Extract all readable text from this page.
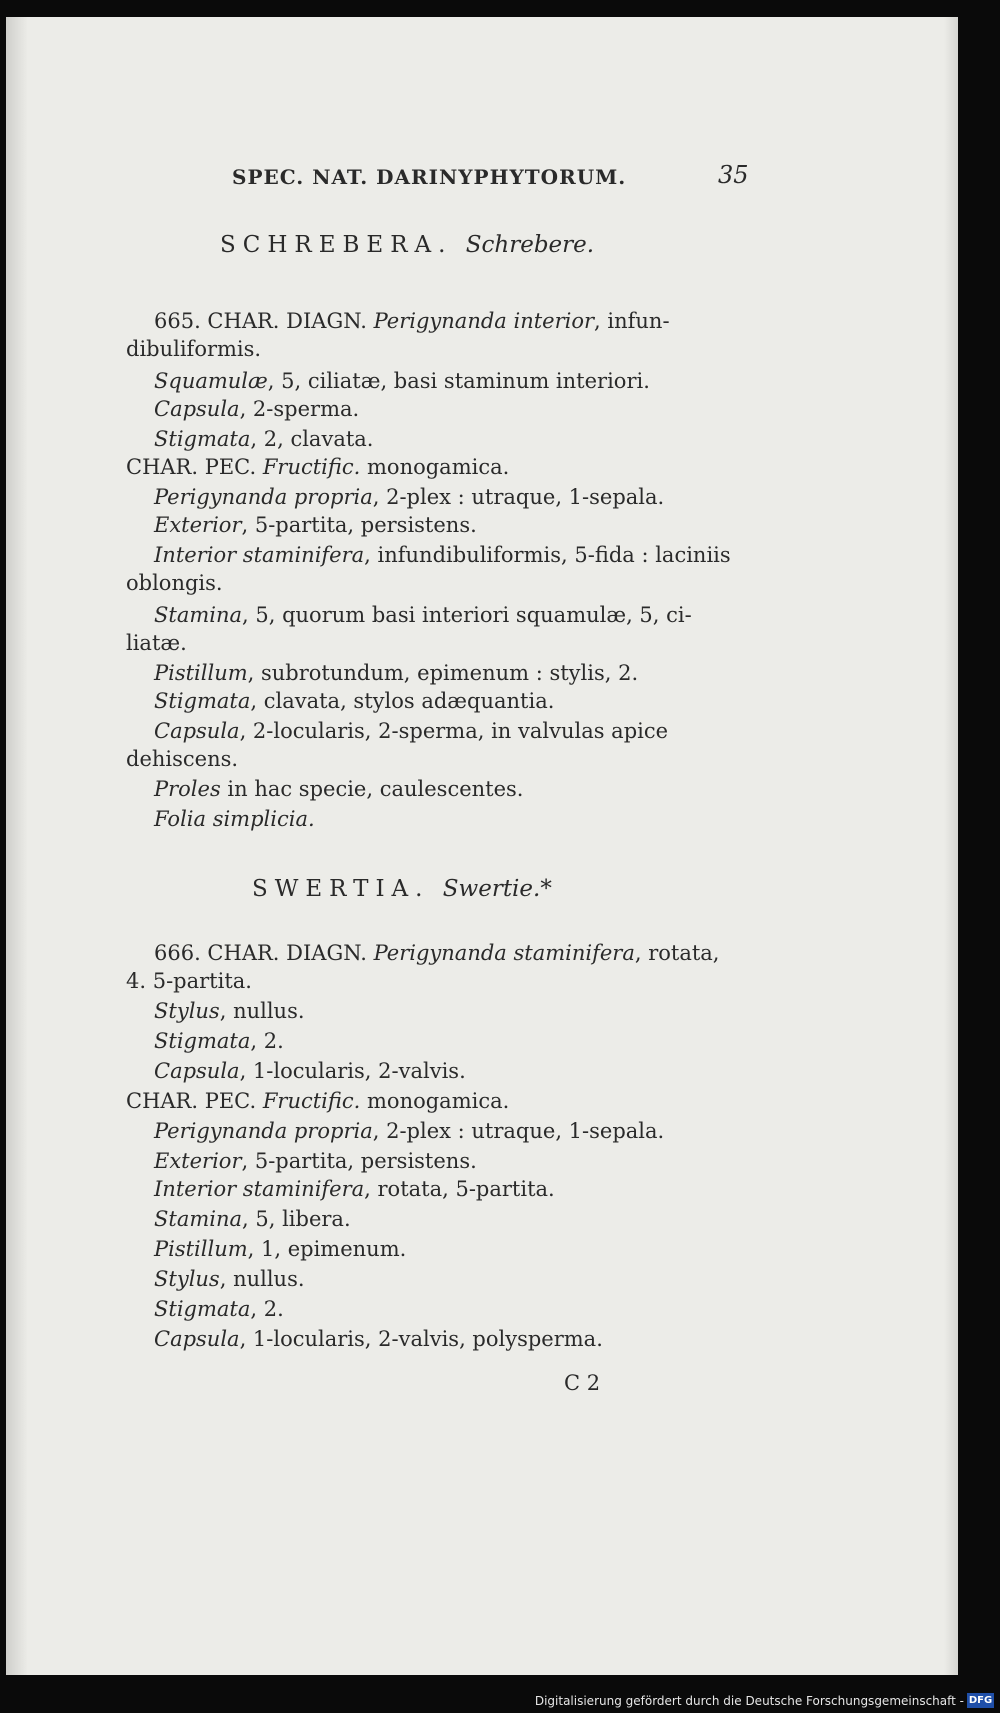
SPEC. NAT. DARINYPHYTORUM.	35
SCHREBERA. Schrebere.
SWERTIA. Swertie.*
665. CHAR. DIAGN. Perigynanda interior, infun-
dibuliformis.
Squamulæ, 5, ciliatæ, basi staminum interiori.
Capsula, 2-sperma.
Stigmata, 2, clavata.
CHAR. PEC. Fructific. monogamica.
Perigynanda propria, 2-plex : utraque, 1-sepala.
Exterior, 5-partita, persistens.
Interior staminifera, infundibuliformis, 5-fida : laciniis
oblongis.
Stamina, 5, quorum basi interiori squamulæ, 5, ci-
liatæ.
Pistillum, subrotundum, epimenum : stylis, 2.
Stigmata, clavata, stylos adæquantia.
Capsula, 2-locularis, 2-sperma, in valvulas apice
dehiscens.
Proles in hac specie, caulescentes.
Folia simplicia.
666. CHAR. DIAGN. Perigynanda staminifera, rotata,
4. 5-partita.
Stylus, nullus.
Stigmata, 2.
Capsula, 1-locularis, 2-valvis.
CHAR. PEC. Fructific. monogamica.
Perigynanda propria, 2-plex : utraque, 1-sepala.
Exterior, 5-partita, persistens.
Interior staminifera, rotata, 5-partita.
Stamina, 5, libera.
Pistillum, 1, epimenum.
Stylus, nullus.
Stigmata, 2.
Capsula, 1-locularis, 2-valvis, polysperma.
C 2
Digitalisierung gefördert durch die Deutsche Forschungsgemeinschaft - DFG
